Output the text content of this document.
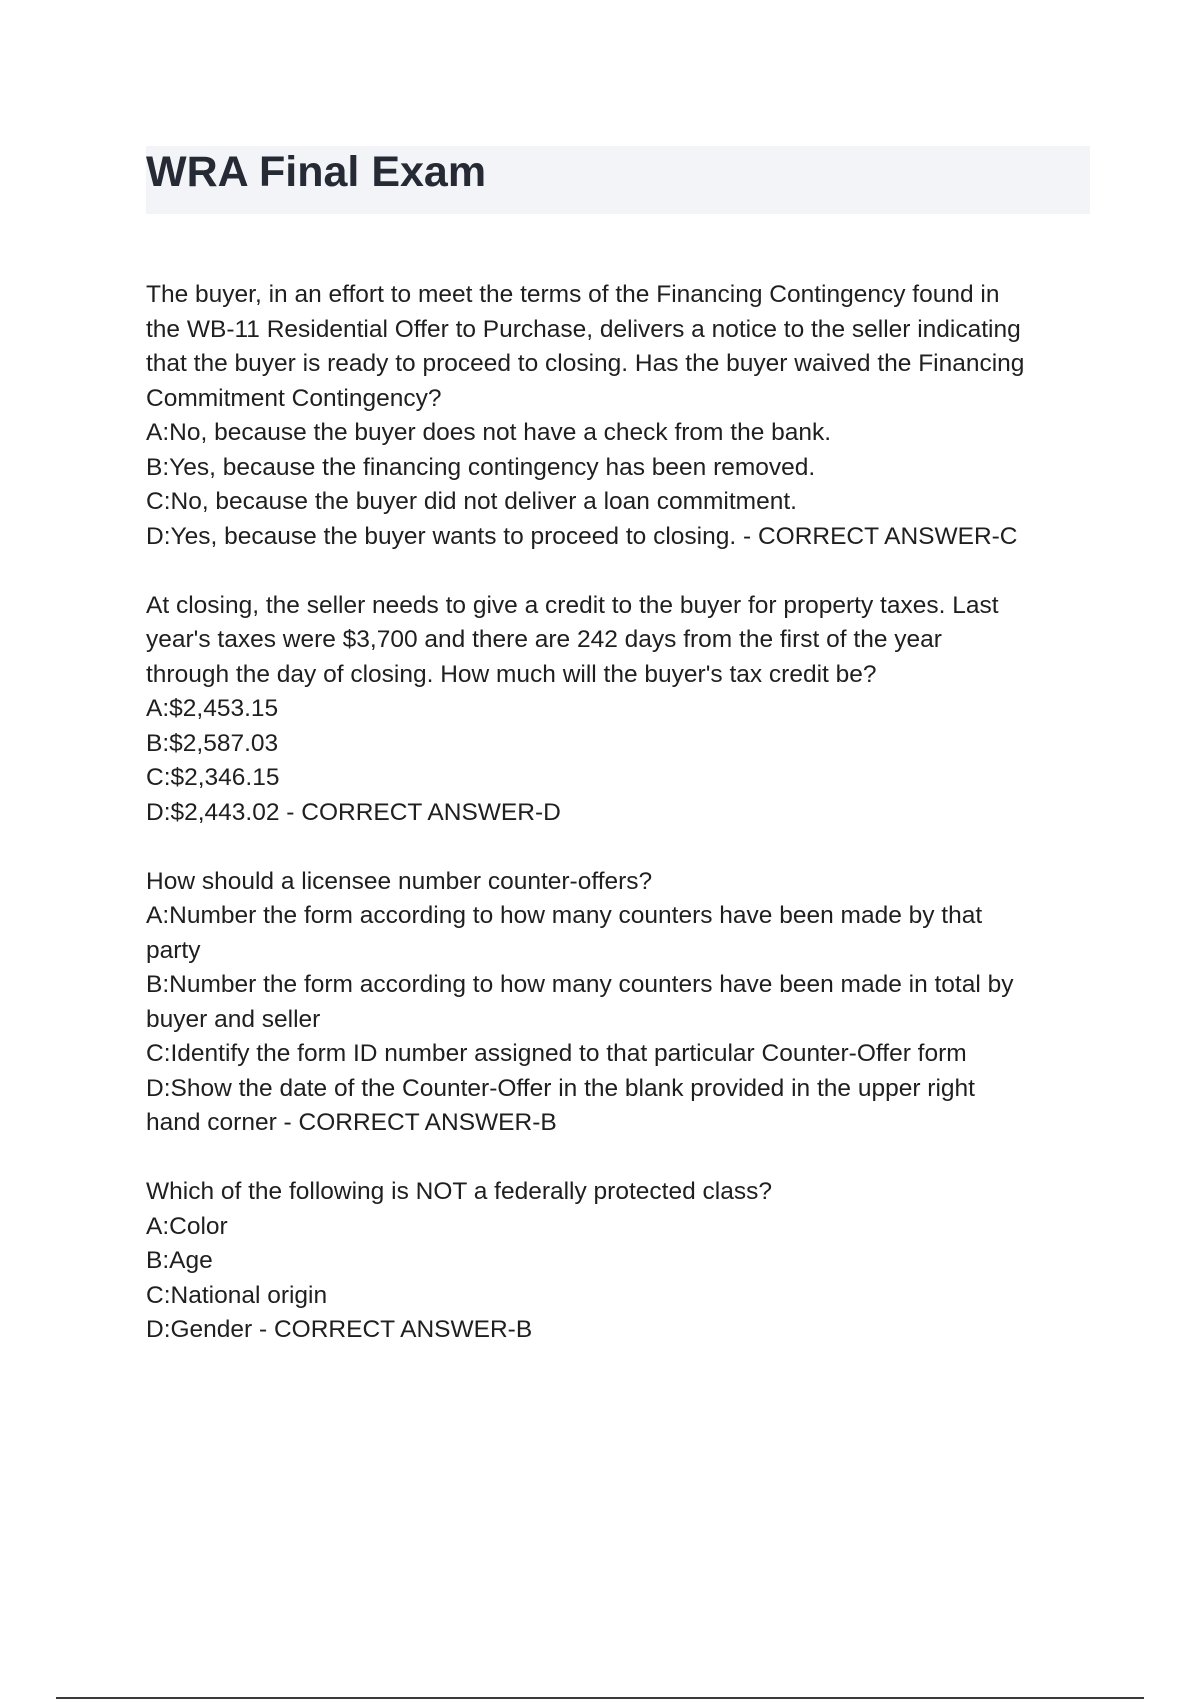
WRA Final Exam
The buyer, in an effort to meet the terms of the Financing Contingency found in
the WB-11 Residential Offer to Purchase, delivers a notice to the seller indicating
that the buyer is ready to proceed to closing. Has the buyer waived the Financing
Commitment Contingency?
A:No, because the buyer does not have a check from the bank.
B:Yes, because the financing contingency has been removed.
C:No, because the buyer did not deliver a loan commitment.
D:Yes, because the buyer wants to proceed to closing. - CORRECT ANSWER-C
At closing, the seller needs to give a credit to the buyer for property taxes. Last
year's taxes were $3,700 and there are 242 days from the first of the year
through the day of closing. How much will the buyer's tax credit be?
A:$2,453.15
B:$2,587.03
C:$2,346.15
D:$2,443.02 - CORRECT ANSWER-D
How should a licensee number counter-offers?
A:Number the form according to how many counters have been made by that
party
B:Number the form according to how many counters have been made in total by
buyer and seller
C:Identify the form ID number assigned to that particular Counter-Offer form
D:Show the date of the Counter-Offer in the blank provided in the upper right
hand corner - CORRECT ANSWER-B
Which of the following is NOT a federally protected class?
A:Color
B:Age
C:National origin
D:Gender - CORRECT ANSWER-B
